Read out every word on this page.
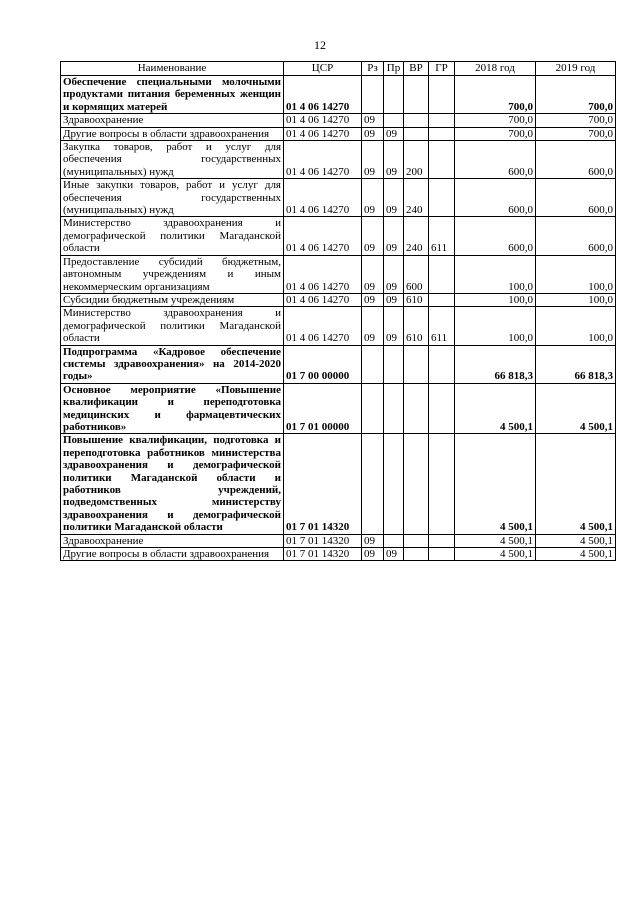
12
Наименование	ЦСР	Рз	Пр	ВР	ГР	2018 год	2019 год
Обеспечение специальными молочными продуктами питания беременных женщин и кормящих матерей	01 4 06 14270					700,0	700,0
Здравоохранение	01 4 06 14270	09				700,0	700,0
Другие вопросы в области здравоохранения	01 4 06 14270	09	09			700,0	700,0
Закупка товаров, работ и услуг для обеспечения государственных (муниципальных) нужд	01 4 06 14270	09	09	200		600,0	600,0
Иные закупки товаров, работ и услуг для обеспечения государственных (муниципальных) нужд	01 4 06 14270	09	09	240		600,0	600,0
Министерство здравоохранения и демографической политики Магаданской области	01 4 06 14270	09	09	240	611	600,0	600,0
Предоставление субсидий бюджетным, автономным учреждениям и иным некоммерческим организациям	01 4 06 14270	09	09	600		100,0	100,0
Субсидии бюджетным учреждениям	01 4 06 14270	09	09	610		100,0	100,0
Министерство здравоохранения и демографической политики Магаданской области	01 4 06 14270	09	09	610	611	100,0	100,0
Подпрограмма «Кадровое обеспечение системы здравоохранения» на 2014-2020 годы»	01 7 00 00000					66 818,3	66 818,3
Основное мероприятие «Повышение квалификации и переподготовка медицинских и фармацевтических работников»	01 7 01 00000					4 500,1	4 500,1
Повышение квалификации, подготовка и переподготовка работников министерства здравоохранения и демографической политики Магаданской области и работников учреждений, подведомственных министерству здравоохранения и демографической политики Магаданской области	01 7 01 14320					4 500,1	4 500,1
Здравоохранение	01 7 01 14320	09				4 500,1	4 500,1
Другие вопросы в области здравоохранения	01 7 01 14320	09	09			4 500,1	4 500,1
